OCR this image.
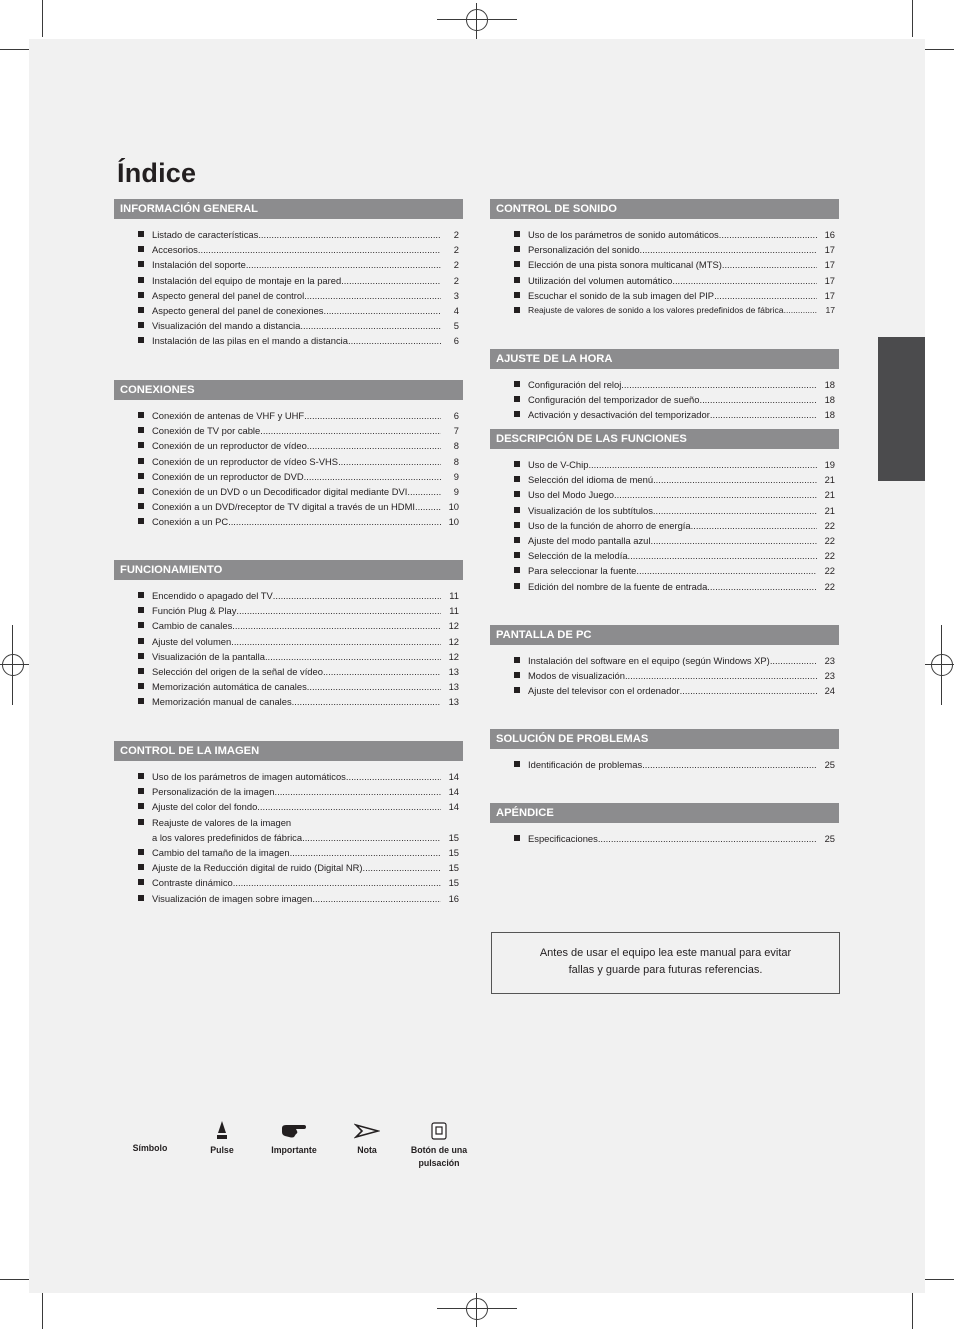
Índice
INFORMACIÓN GENERAL
Listado de características .....	2
Accesorios .....	2
Instalación del soporte .....	2
Instalación del equipo de montaje en la pared .....	2
Aspecto general del panel de control .....	3
Aspecto general del panel de conexiones .....	4
Visualización del mando a distancia .....	5
Instalación de las pilas en el mando a distancia .....	6
CONEXIONES
Conexión de antenas de VHF y UHF .....	6
Conexión de TV por cable .....	7
Conexión de un reproductor de vídeo .....	8
Conexión de un reproductor de vídeo S-VHS .....	8
Conexión de un reproductor de DVD .....	9
Conexión de un DVD o un Decodificador digital mediante DVI .....	9
Conexión a un DVD/receptor de TV digital a través de un HDMI .....	10
Conexión a un PC .....	10
FUNCIONAMIENTO
Encendido o apagado del TV .....	11
Función Plug & Play .....	11
Cambio de canales .....	12
Ajuste del volumen .....	12
Visualización de la pantalla .....	12
Selección del origen de la señal de vídeo .....	13
Memorización automática de canales .....	13
Memorización manual de canales .....	13
CONTROL DE LA IMAGEN
Uso de los parámetros de imagen automáticos .....	14
Personalización de la imagen .....	14
Ajuste del color del fondo .....	14
Reajuste de valores de la imagen
a los valores predefinidos de fábrica .....	15
Cambio del tamaño de la imagen .....	15
Ajuste de la Reducción digital de ruido (Digital NR) .....	15
Contraste dinámico .....	15
Visualización de imagen sobre imagen .....	16
CONTROL DE SONIDO
Uso de los parámetros de sonido automáticos .....	16
Personalización del sonido .....	17
Elección de una pista sonora multicanal (MTS) .....	17
Utilización del volumen automático .....	17
Escuchar el sonido de la sub imagen del PIP .....	17
Reajuste de valores de sonido a los valores predefinidos de fábrica .....	17
AJUSTE DE LA HORA
Configuración del reloj .....	18
Configuración del temporizador de sueño .....	18
Activación y desactivación del temporizador .....	18
DESCRIPCIÓN DE LAS FUNCIONES
Uso de V-Chip .....	19
Selección del idioma de menú .....	21
Uso del Modo Juego .....	21
Visualización de los subtítulos .....	21
Uso de la función de ahorro de energía .....	22
Ajuste del modo pantalla azul .....	22
Selección de la melodía .....	22
Para seleccionar la fuente .....	22
Edición del nombre de la fuente de entrada .....	22
PANTALLA DE PC
Instalación del software en el equipo (según Windows XP) .....	23
Modos de visualización .....	23
Ajuste del televisor con el ordenador .....	24
SOLUCIÓN DE PROBLEMAS
Identificación de problemas .....	25
APÉNDICE
Especificaciones .....	25
Antes de usar el equipo lea este manual para evitar
fallas y guarde para futuras referencias.
Símbolo	Pulse	Importante	Nota	Botón de una
pulsación
